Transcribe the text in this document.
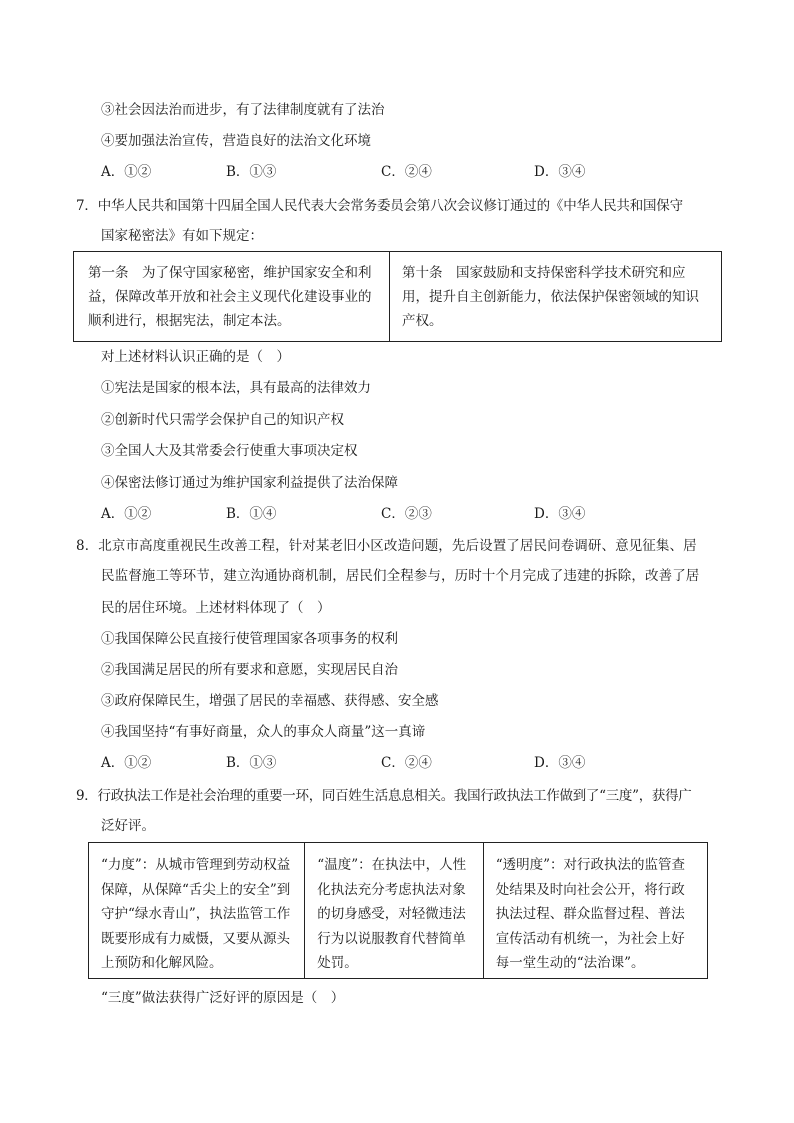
③社会因法治而进步，有了法律制度就有了法治
④要加强法治宣传，营造良好的法治文化环境
A．①②	B．①③	C．②④	D．③④
7．中华人民共和国第十四届全国人民代表大会常务委员会第八次会议修订通过的《中华人民共和国保守
国家秘密法》有如下规定：
第一条　为了保守国家秘密，维护国家安全和利益，保障改革开放和社会主义现代化建设事业的顺利进行，根据宪法，制定本法。
第十条　国家鼓励和支持保密科学技术研究和应用，提升自主创新能力，依法保护保密领域的知识产权。
对上述材料认识正确的是（　）
①宪法是国家的根本法，具有最高的法律效力
②创新时代只需学会保护自己的知识产权
③全国人大及其常委会行使重大事项决定权
④保密法修订通过为维护国家利益提供了法治保障
A．①②	B．①④	C．②③	D．③④
8．北京市高度重视民生改善工程，针对某老旧小区改造问题，先后设置了居民问卷调研、意见征集、居
民监督施工等环节，建立沟通协商机制，居民们全程参与，历时十个月完成了违建的拆除，改善了居
民的居住环境。上述材料体现了（　）
①我国保障公民直接行使管理国家各项事务的权利
②我国满足居民的所有要求和意愿，实现居民自治
③政府保障民生，增强了居民的幸福感、获得感、安全感
④我国坚持“有事好商量，众人的事众人商量”这一真谛
A．①②	B．①③	C．②④	D．③④
9．行政执法工作是社会治理的重要一环，同百姓生活息息相关。我国行政执法工作做到了“三度”，获得广
泛好评。
“力度”：从城市管理到劳动权益保障，从保障“舌尖上的安全”到守护“绿水青山”，执法监管工作既要形成有力威慑，又要从源头上预防和化解风险。
“温度”：在执法中，人性化执法充分考虑执法对象的切身感受，对轻微违法行为以说服教育代替简单处罚。
“透明度”：对行政执法的监管查处结果及时向社会公开，将行政执法过程、群众监督过程、普法宣传活动有机统一，为社会上好每一堂生动的“法治课”。
“三度”做法获得广泛好评的原因是（　）
